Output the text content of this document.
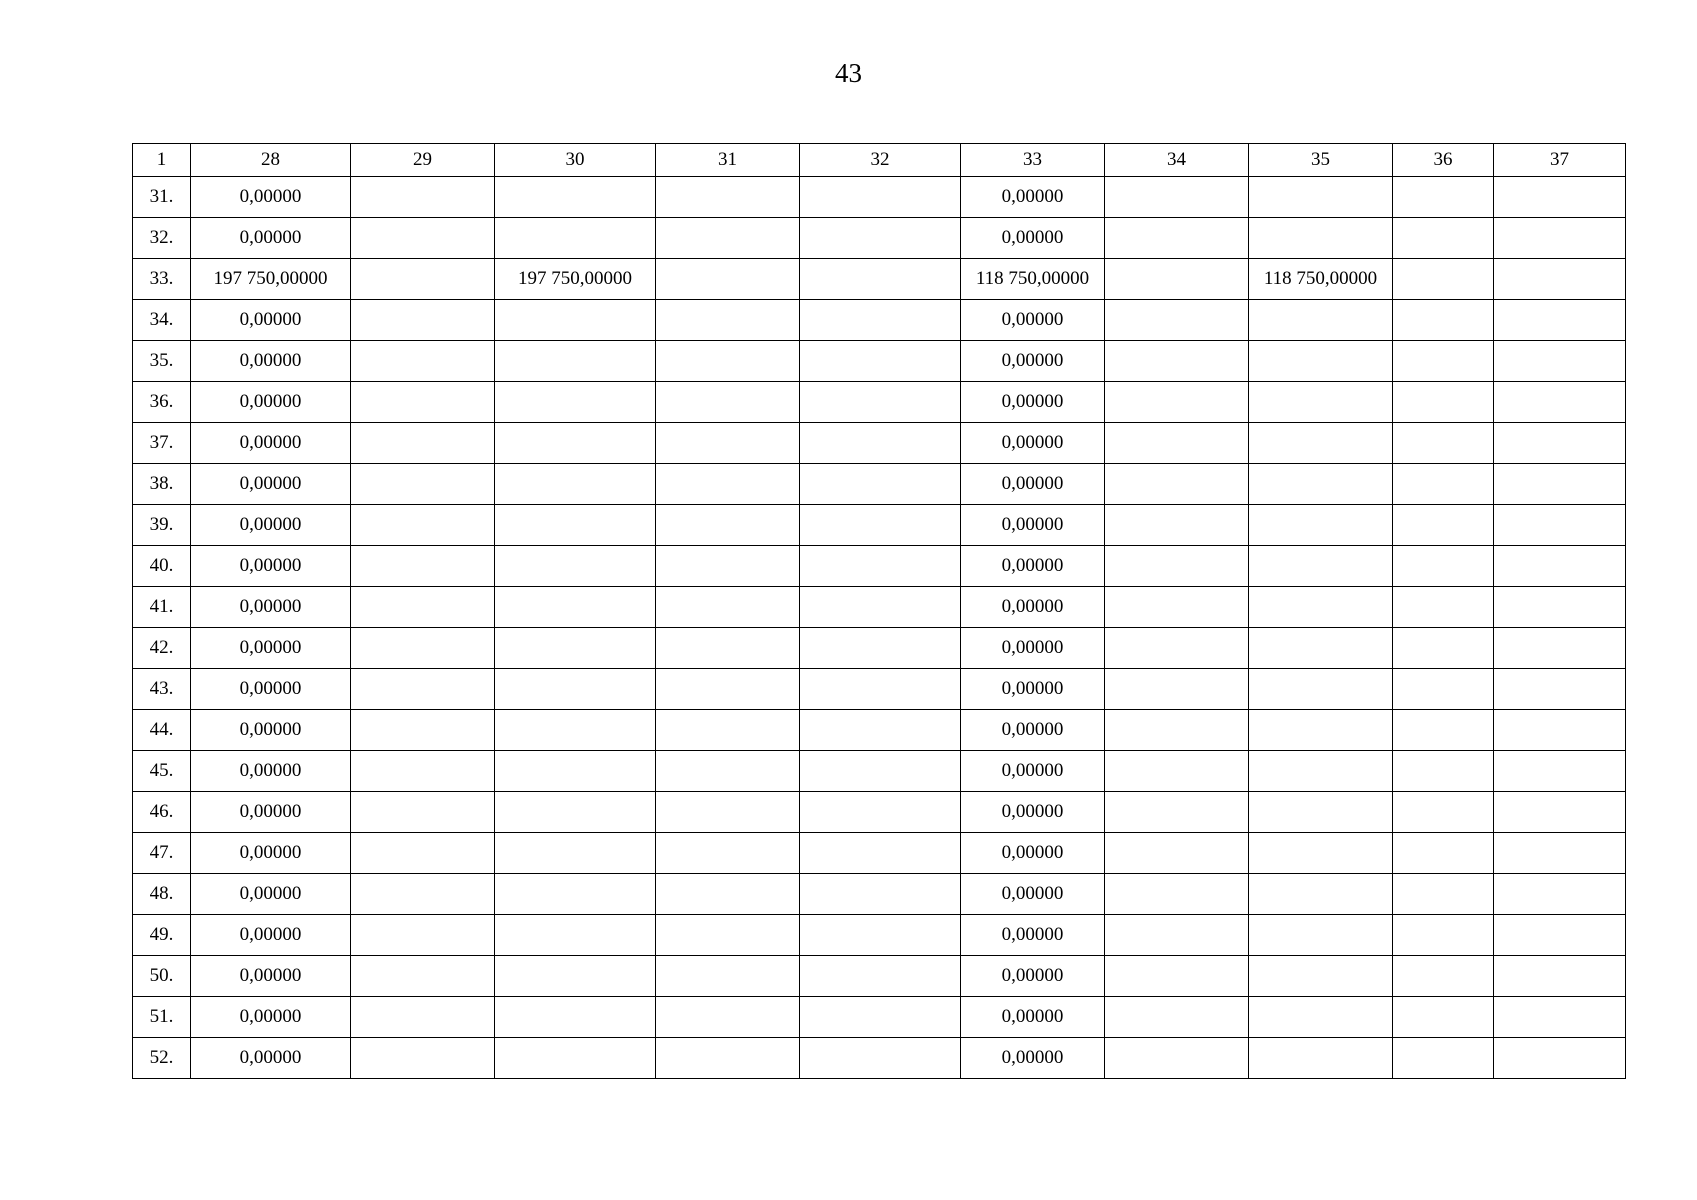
43
1	28	29	30	31	32	33	34	35	36	37
31.	0,00000					0,00000				
32.	0,00000					0,00000				
33.	197 750,00000		197 750,00000			118 750,00000		118 750,00000		
34.	0,00000					0,00000				
35.	0,00000					0,00000				
36.	0,00000					0,00000				
37.	0,00000					0,00000				
38.	0,00000					0,00000				
39.	0,00000					0,00000				
40.	0,00000					0,00000				
41.	0,00000					0,00000				
42.	0,00000					0,00000				
43.	0,00000					0,00000				
44.	0,00000					0,00000				
45.	0,00000					0,00000				
46.	0,00000					0,00000				
47.	0,00000					0,00000				
48.	0,00000					0,00000				
49.	0,00000					0,00000				
50.	0,00000					0,00000				
51.	0,00000					0,00000				
52.	0,00000					0,00000				
